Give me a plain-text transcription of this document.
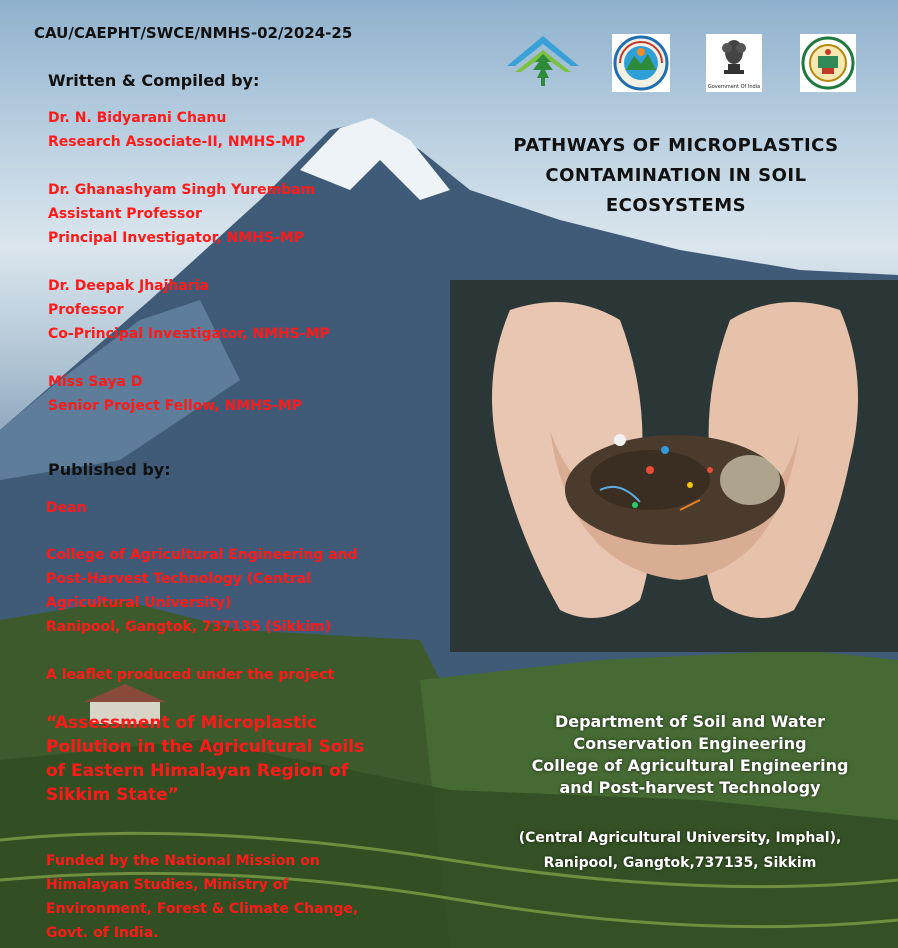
CAU/CAEPHT/SWCE/NMHS-02/2024-25

Written & Compiled by:

Dr. N. Bidyarani Chanu
Research Associate-II, NMHS-MP
Dr. Ghanashyam Singh Yurembam
Assistant Professor
Principal Investigator, NMHS-MP
Dr. Deepak Jhajharia
Professor
Co-Principal Investigator, NMHS-MP
Miss Saya D
Senior Project Fellow, NMHS-MP

Published by:

Dean

College of Agricultural Engineering and
Post-Harvest Technology (Central
Agricultural University)
Ranipool, Gangtok, 737135 (Sikkim)

A leaflet produced under the project

“Assessment of Microplastic
Pollution in the Agricultural Soils
of Eastern Himalayan Region of
Sikkim State”
Funded by the National Mission on
Himalayan Studies, Ministry of
Environment, Forest & Climate Change,
Govt. of India.
Government Of India
PATHWAYS OF MICROPLASTICS
CONTAMINATION IN SOIL
ECOSYSTEMS
Department of Soil and Water
Conservation Engineering
College of Agricultural Engineering
and Post-harvest Technology
(Central Agricultural University, Imphal),
Ranipool, Gangtok,737135, Sikkim
